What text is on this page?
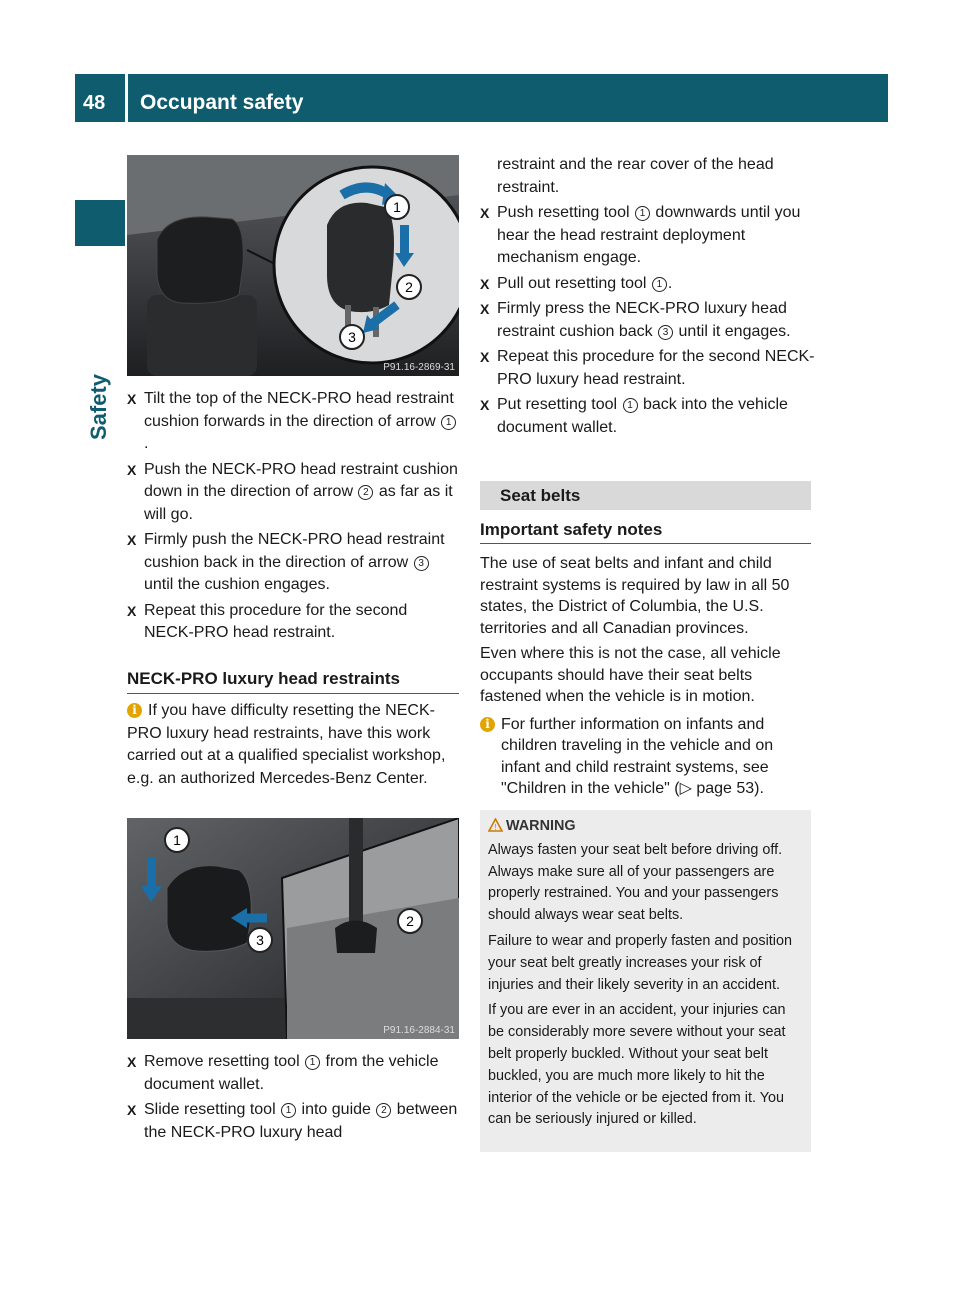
48	Occupant safety
Safety
1
2
3
P91.16-2869-31
X Tilt the top of the NECK-PRO head restraint cushion forwards in the direction of arrow 1.
X Push the NECK-PRO head restraint cushion down in the direction of arrow 2 as far as it will go.
X Firmly push the NECK-PRO head restraint cushion back in the direction of arrow 3 until the cushion engages.
X Repeat this procedure for the second NECK-PRO head restraint.
NECK-PRO luxury head restraints
i If you have difficulty resetting the NECK-PRO luxury head restraints, have this work carried out at a qualified specialist workshop, e.g. an authorized Mercedes-Benz Center.
1
2
3
P91.16-2884-31
X Remove resetting tool 1 from the vehicle document wallet.
X Slide resetting tool 1 into guide 2 between the NECK-PRO luxury head
restraint and the rear cover of the head restraint.
X Push resetting tool 1 downwards until you hear the head restraint deployment mechanism engage.
X Pull out resetting tool 1 .
X Firmly press the NECK-PRO luxury head restraint cushion back 3 until it engages.
X Repeat this procedure for the second NECK-PRO luxury head restraint.
X Put resetting tool 1 back into the vehicle document wallet.
Seat belts
Important safety notes

The use of seat belts and infant and child restraint systems is required by law in all 50 states, the District of Columbia, the U.S. territories and all Canadian provinces.

Even where this is not the case, all vehicle occupants should have their seat belts fastened when the vehicle is in motion.

i For further information on infants and children traveling in the vehicle and on infant and child restraint systems, see "Children in the vehicle" (▷ page 53).

! WARNING

Always fasten your seat belt before driving off. Always make sure all of your passengers are properly restrained. You and your passengers should always wear seat belts.

Failure to wear and properly fasten and position your seat belt greatly increases your risk of injuries and their likely severity in an accident.

If you are ever in an accident, your injuries can be considerably more severe without your seat belt properly buckled. Without your seat belt buckled, you are much more likely to hit the interior of the vehicle or be ejected from it. You can be seriously injured or killed.
